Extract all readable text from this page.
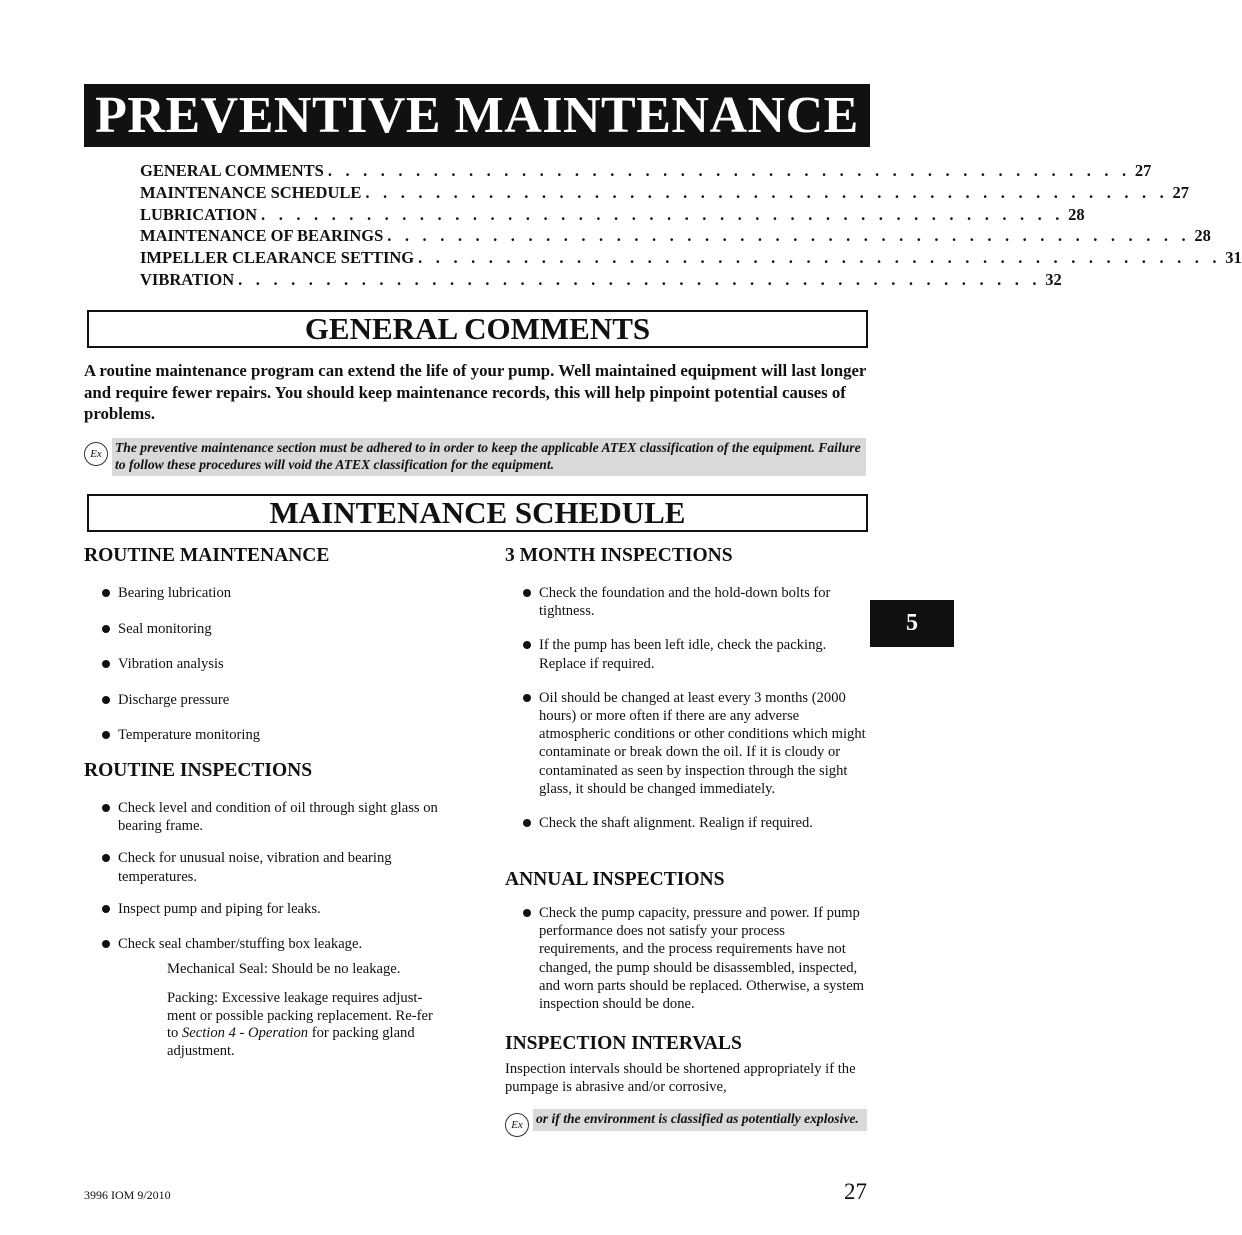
PREVENTIVE MAINTENANCE
GENERAL COMMENTS . . . . . . . . . . . . . . . . . . . . . . . . . . . . . . . . . . . . . . . . . . . . . . 27
MAINTENANCE SCHEDULE . . . . . . . . . . . . . . . . . . . . . . . . . . . . . . . . . . . . . . . . . . . . . . 27
LUBRICATION . . . . . . . . . . . . . . . . . . . . . . . . . . . . . . . . . . . . . . . . . . . . . . 28
MAINTENANCE OF BEARINGS . . . . . . . . . . . . . . . . . . . . . . . . . . . . . . . . . . . . . . . . . . . . . . 28
IMPELLER CLEARANCE SETTING . . . . . . . . . . . . . . . . . . . . . . . . . . . . . . . . . . . . . . . . . . . . . . 31
VIBRATION . . . . . . . . . . . . . . . . . . . . . . . . . . . . . . . . . . . . . . . . . . . . . . 32
GENERAL COMMENTS
A routine maintenance program can extend the life of your pump. Well maintained equipment will last longer and require fewer repairs. You should keep maintenance records, this will help pinpoint potential causes of problems.
Ex The preventive maintenance section must be adhered to in order to keep the applicable ATEX classification of the equipment. Failure to follow these procedures will void the ATEX classification for the equipment.
MAINTENANCE SCHEDULE
ROUTINE MAINTENANCE
Bearing lubrication
Seal monitoring
Vibration analysis
Discharge pressure
Temperature monitoring
ROUTINE INSPECTIONS
Check level and condition of oil through sight glass on bearing frame.
Check for unusual noise, vibration and bearing temperatures.
Inspect pump and piping for leaks.
Check seal chamber/stuffing box leakage.
Mechanical Seal: Should be no leakage.
Packing: Excessive leakage requires adjust-ment or possible packing replacement. Re-fer to Section 4 - Operation for packing gland adjustment.
3 MONTH INSPECTIONS
Check the foundation and the hold-down bolts for tightness.
If the pump has been left idle, check the packing. Replace if required.
Oil should be changed at least every 3 months (2000 hours) or more often if there are any adverse atmospheric conditions or other conditions which might contaminate or break down the oil. If it is cloudy or contaminated as seen by inspection through the sight glass, it should be changed immediately.
Check the shaft alignment. Realign if required.
ANNUAL INSPECTIONS
Check the pump capacity, pressure and power. If pump performance does not satisfy your process requirements, and the process requirements have not changed, the pump should be disassembled, inspected, and worn parts should be replaced. Otherwise, a system inspection should be done.
INSPECTION INTERVALS
Inspection intervals should be shortened appropriately if the pumpage is abrasive and/or corrosive,
Ex or if the environment is classified as potentially explosive.
5
3996 IOM 9/2010	27
